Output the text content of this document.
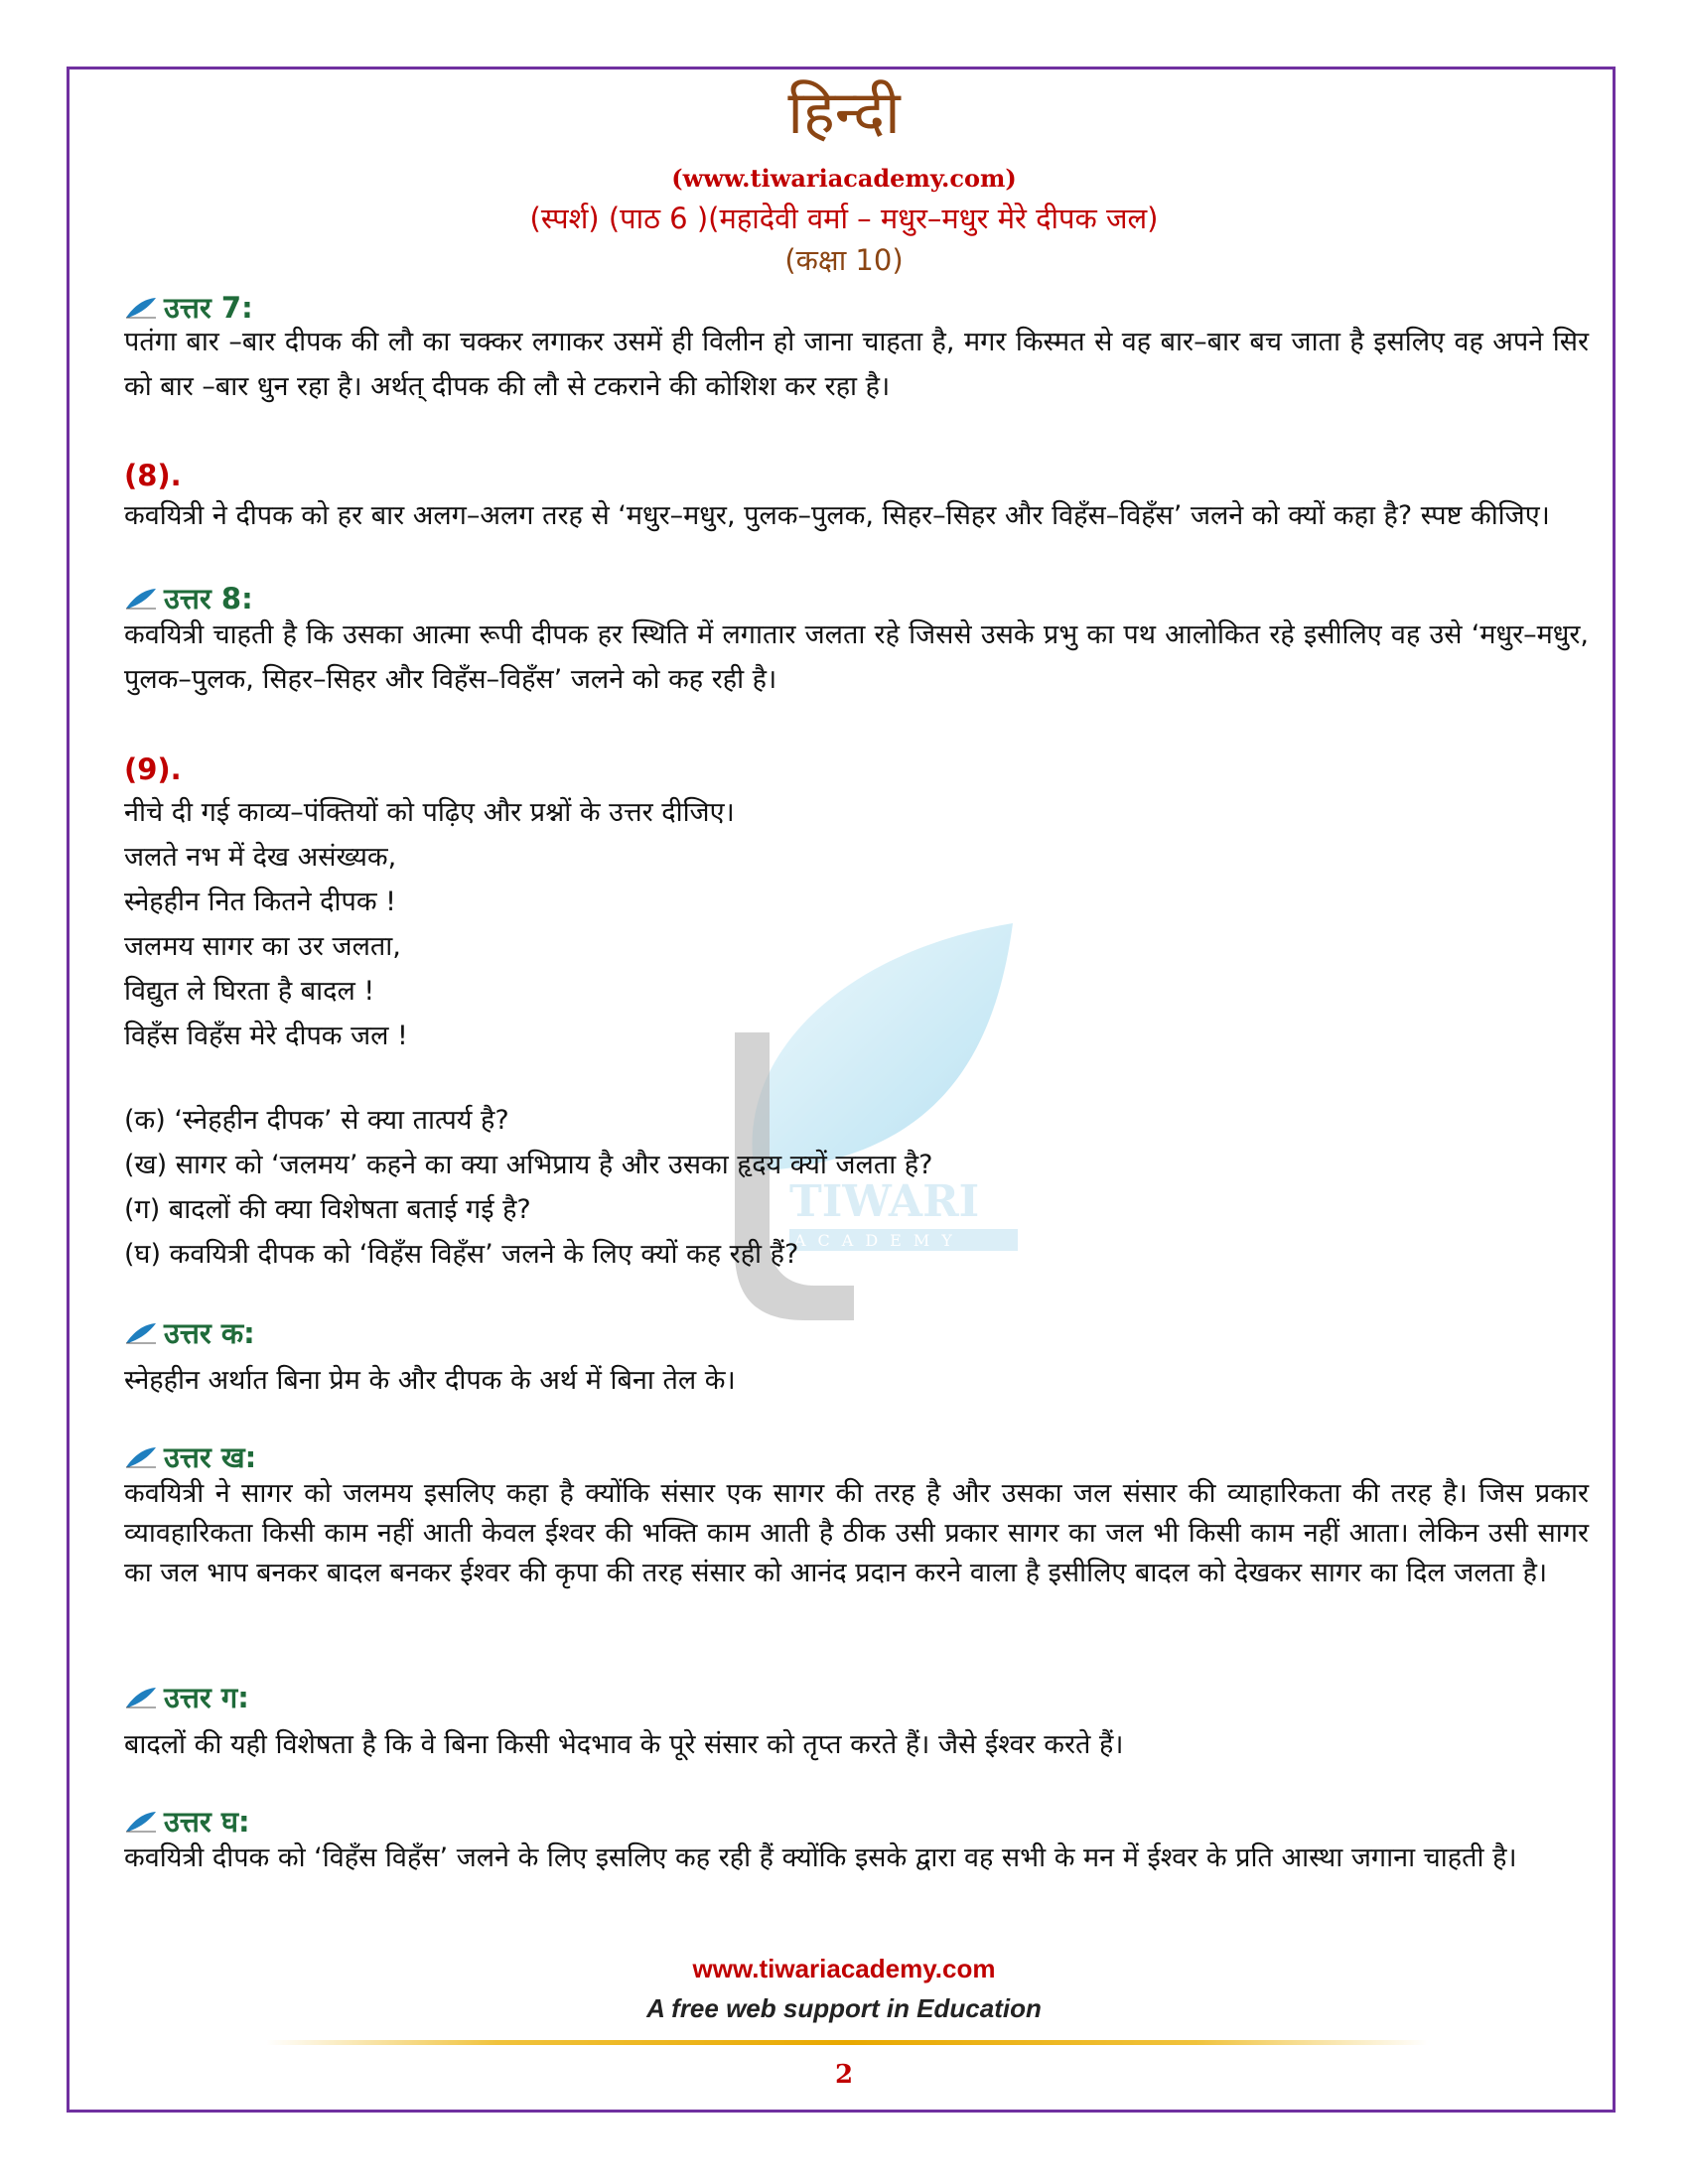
TIWARI
ACADEMY
हिन्दी
(www.tiwariacademy.com)
(स्पर्श) (पाठ 6 )(महादेवी वर्मा – मधुर–मधुर मेरे दीपक जल)
(कक्षा 10)
उत्तर 7:
पतंगा बार –बार दीपक की लौ का चक्कर लगाकर उसमें ही विलीन हो जाना चाहता है, मगर किस्मत से वह बार–बार बच जाता है इसलिए वह अपने सिर को बार –बार धुन रहा है। अर्थत् दीपक की लौ से टकराने की कोशिश कर रहा है।
(8).
कवयित्री ने दीपक को हर बार अलग–अलग तरह से ‘मधुर–मधुर, पुलक–पुलक, सिहर–सिहर और विहँस–विहँस’ जलने को क्यों कहा है? स्पष्ट कीजिए।
उत्तर 8:
कवयित्री चाहती है कि उसका आत्मा रूपी दीपक हर स्थिति में लगातार जलता रहे जिससे उसके प्रभु का पथ आलोकित रहे इसीलिए वह उसे ‘मधुर–मधुर, पुलक–पुलक, सिहर–सिहर और विहँस–विहँस’ जलने को कह रही है।
(9).
नीचे दी गई काव्य–पंक्तियों को पढ़िए और प्रश्नों के उत्तर दीजिए।
जलते नभ में देख असंख्यक,
स्नेहहीन नित कितने दीपक !
जलमय सागर का उर जलता,
विद्युत ले घिरता है बादल !
विहँस विहँस मेरे दीपक जल !
(क) ‘स्नेहहीन दीपक’ से क्या तात्पर्य है?
(ख) सागर को ‘जलमय’ कहने का क्या अभिप्राय है और उसका हृदय क्यों जलता है?
(ग) बादलों की क्या विशेषता बताई गई है?
(घ) कवयित्री दीपक को ‘विहँस विहँस’ जलने के लिए क्यों कह रही हैं?
उत्तर क:
स्नेहहीन अर्थात बिना प्रेम के और दीपक के अर्थ में बिना तेल के।
उत्तर ख:
कवयित्री ने सागर को जलमय इसलिए कहा है क्योंकि संसार एक सागर की तरह है और उसका जल संसार की व्याहारिकता की तरह है। जिस प्रकार व्यावहारिकता किसी काम नहीं आती केवल ईश्वर की भक्ति काम आती है ठीक उसी प्रकार सागर का जल भी किसी काम नहीं आता। लेकिन उसी सागर का जल भाप बनकर बादल बनकर ईश्वर की कृपा की तरह संसार को आनंद प्रदान करने वाला है इसीलिए बादल को देखकर सागर का दिल जलता है।
उत्तर ग:
बादलों की यही विशेषता है कि वे बिना किसी भेदभाव के पूरे संसार को तृप्त करते हैं। जैसे ईश्वर करते हैं।
उत्तर घ:
कवयित्री दीपक को ‘विहँस विहँस’ जलने के लिए इसलिए कह रही हैं क्योंकि इसके द्वारा वह सभी के मन में ईश्वर के प्रति आस्था जगाना चाहती है।
www.tiwariacademy.com
A free web support in Education
2
